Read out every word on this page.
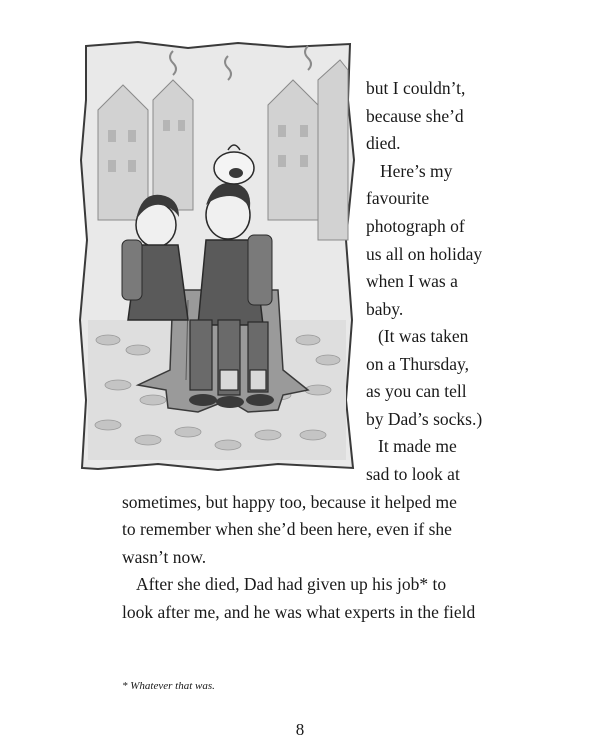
but I couldn’t,
because she’d
died.
Here’s my
favourite
photograph of
us all on holiday
when I was a
baby.
(It was taken
on a Thursday,
as you can tell
by Dad’s socks.)
It made me
sad to look at
sometimes, but happy too, because it helped me
to remember when she’d been here, even if she
wasn’t now.
After she died, Dad had given up his job* to
look after me, and he was what experts in the field
* Whatever that was.
8
